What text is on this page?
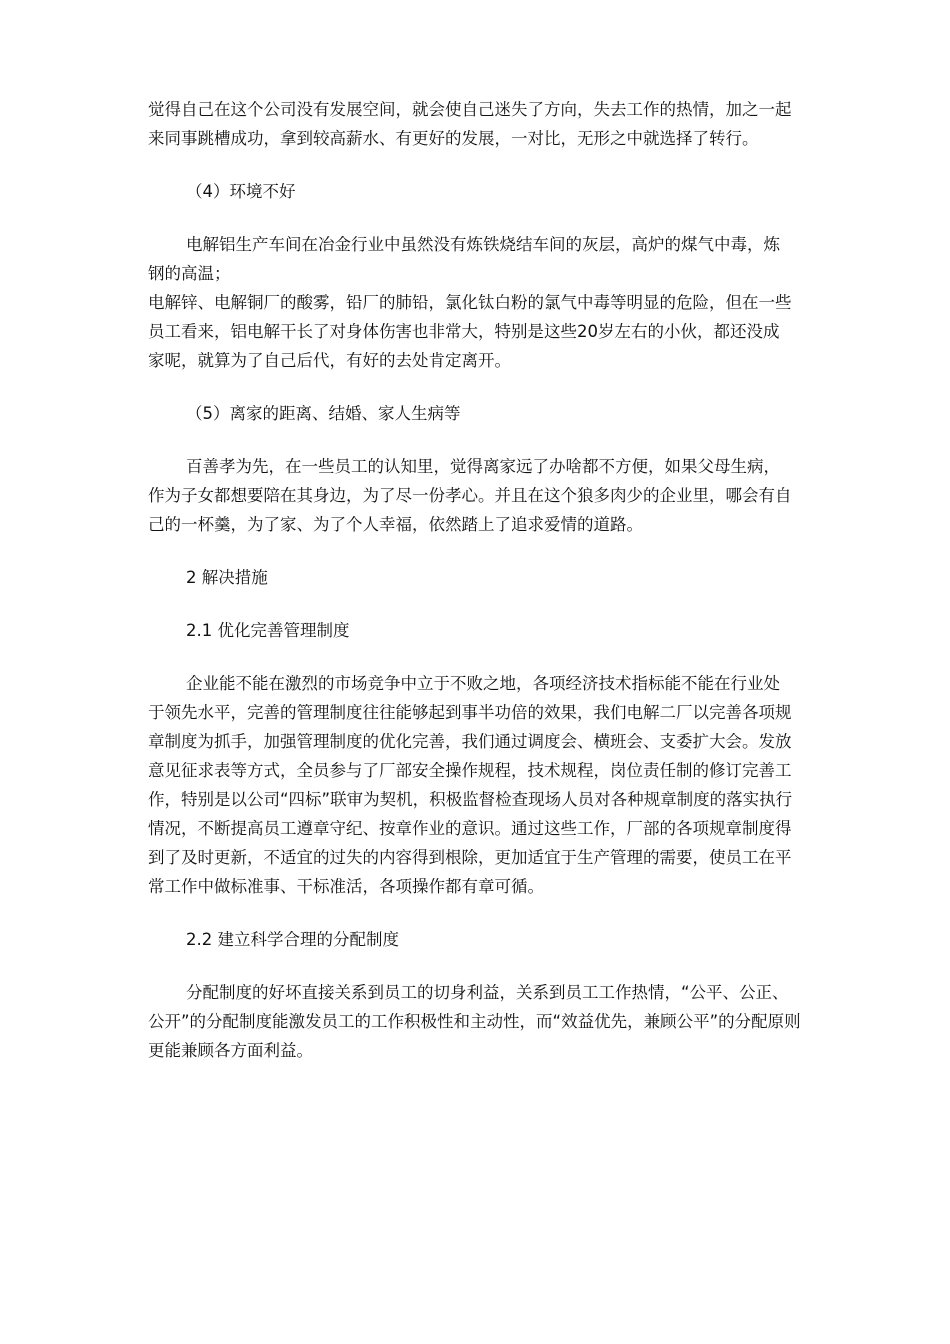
觉得自己在这个公司没有发展空间，就会使自己迷失了方向，失去工作的热情，加之一起
来同事跳槽成功，拿到较高薪水、有更好的发展，一对比，无形之中就选择了转行。
（4）环境不好
电解铝生产车间在冶金行业中虽然没有炼铁烧结车间的灰层，高炉的煤气中毒，炼
钢的高温；
电解锌、电解铜厂的酸雾，铅厂的肺铅，氯化钛白粉的氯气中毒等明显的危险，但在一些
员工看来，铝电解干长了对身体伤害也非常大，特别是这些20岁左右的小伙，都还没成
家呢，就算为了自己后代，有好的去处肯定离开。
（5）离家的距离、结婚、家人生病等
百善孝为先，在一些员工的认知里，觉得离家远了办啥都不方便，如果父母生病，
作为子女都想要陪在其身边，为了尽一份孝心。并且在这个狼多肉少的企业里，哪会有自
己的一杯羹，为了家、为了个人幸福，依然踏上了追求爱情的道路。
2 解决措施
2.1 优化完善管理制度
企业能不能在激烈的市场竞争中立于不败之地，各项经济技术指标能不能在行业处
于领先水平，完善的管理制度往往能够起到事半功倍的效果，我们电解二厂以完善各项规
章制度为抓手，加强管理制度的优化完善，我们通过调度会、横班会、支委扩大会。发放
意见征求表等方式，全员参与了厂部安全操作规程，技术规程，岗位责任制的修订完善工
作，特别是以公司“四标”联审为契机，积极监督检查现场人员对各种规章制度的落实执行
情况，不断提高员工遵章守纪、按章作业的意识。通过这些工作，厂部的各项规章制度得
到了及时更新，不适宜的过失的内容得到根除，更加适宜于生产管理的需要，使员工在平
常工作中做标准事、干标准活，各项操作都有章可循。
2.2 建立科学合理的分配制度
分配制度的好坏直接关系到员工的切身利益，关系到员工工作热情，“公平、公正、
公开”的分配制度能激发员工的工作积极性和主动性，而“效益优先，兼顾公平”的分配原则
更能兼顾各方面利益。
